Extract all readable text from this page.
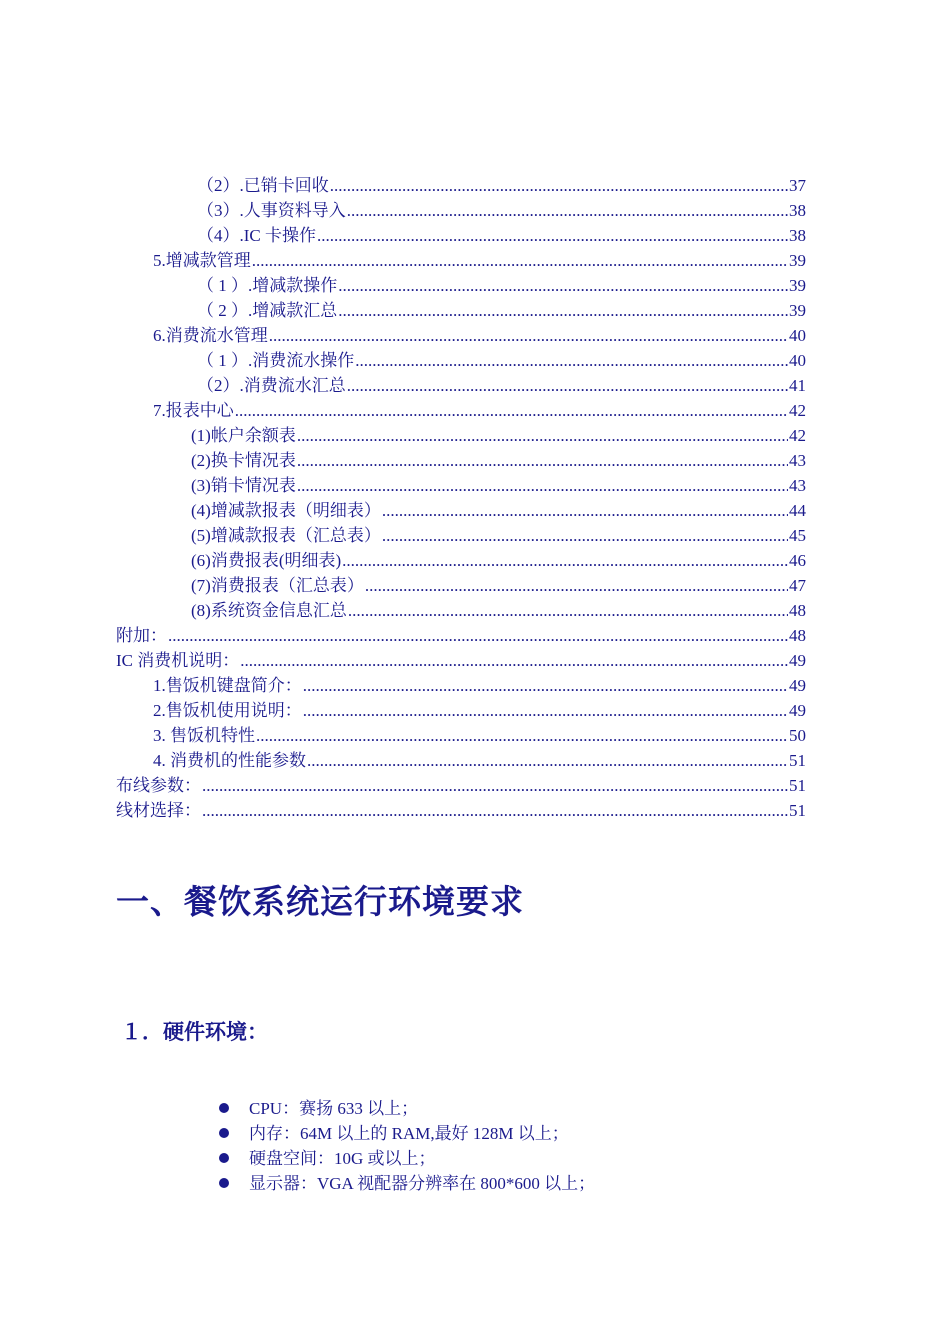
（2）.已销卡回收 .....	37
（3）.人事资料导入 .....	38
（4）.IC 卡操作 .....	38
5.增减款管理 .....	39
（ 1 ）.增减款操作 .....	39
（ 2 ）.增减款汇总 .....	39
6.消费流水管理 .....	40
（ 1 ）.消费流水操作 .....	40
（2）.消费流水汇总 .....	41
7.报表中心 .....	42
(1)帐户余额表 .....	42
(2)换卡情况表 .....	43
(3)销卡情况表 .....	43
(4)增减款报表（明细表） .....	44
(5)增减款报表（汇总表） .....	45
(6)消费报表(明细表) .....	46
(7)消费报表（汇总表） .....	47
(8)系统资金信息汇总 .....	48
附加： .....	48
IC 消费机说明： .....	49
1.售饭机键盘简介： .....	49
2.售饭机使用说明： .....	49
3. 售饭机特性 .....	50
4. 消费机的性能参数 .....	51
布线参数： .....	51
线材选择： .....	51
一、餐饮系统运行环境要求
１．硬件环境：
CPU：赛扬 633 以上；
内存：64M 以上的 RAM,最好 128M 以上；
硬盘空间：10G 或以上；
显示器：VGA 视配器分辨率在 800*600 以上；
